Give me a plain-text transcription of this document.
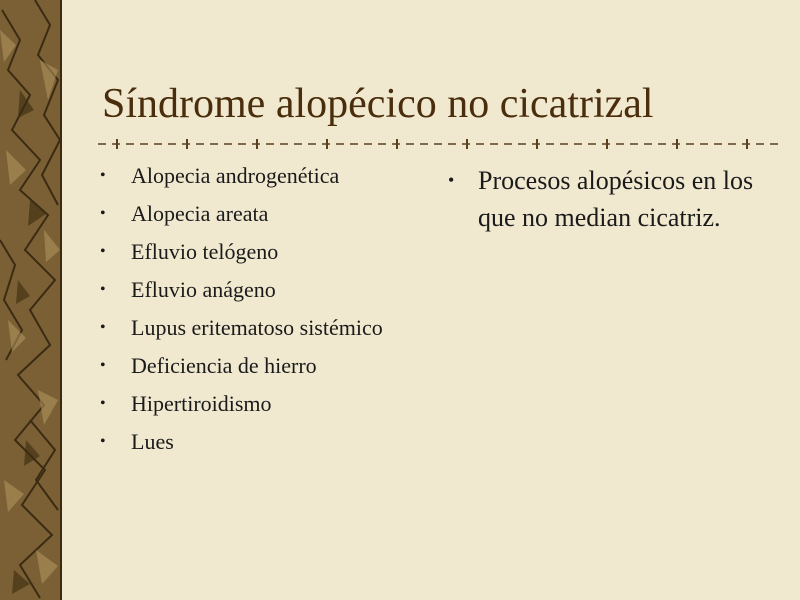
Síndrome alopécico no cicatrizal
• Alopecia androgenética
• Alopecia areata
• Efluvio telógeno
• Efluvio anágeno
• Lupus eritematoso sistémico
• Deficiencia de hierro
• Hipertiroidismo
• Lues
• Procesos alopésicos en los que no median cicatriz.
